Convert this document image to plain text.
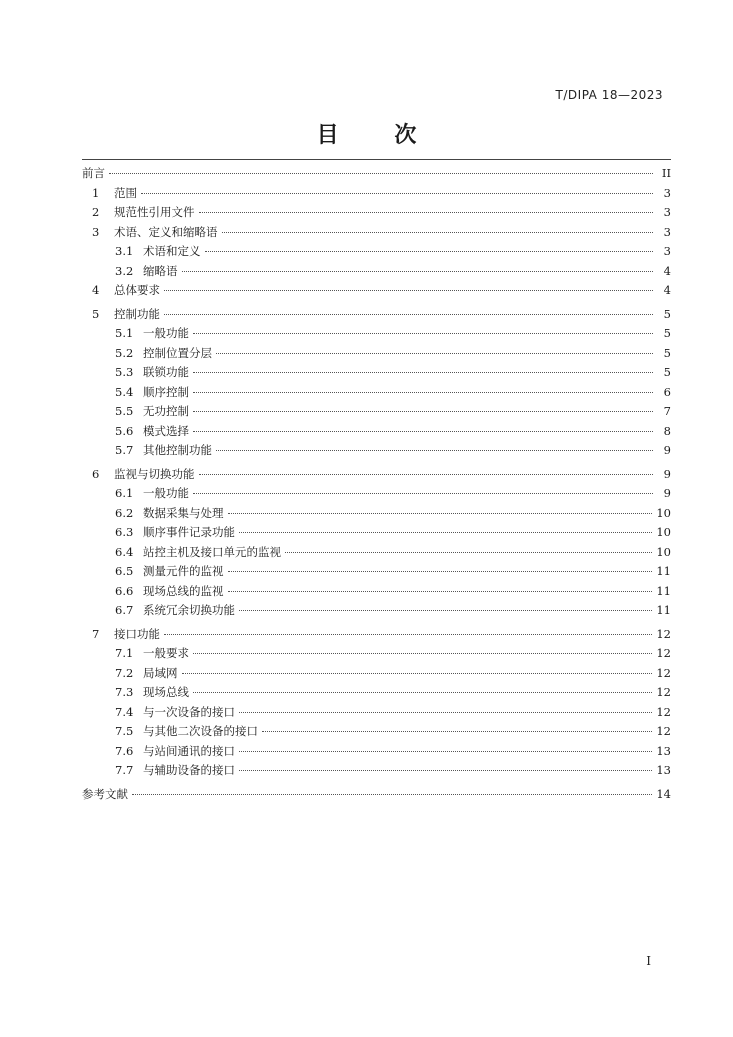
T/DIPA 18—2023
目 次
前言	II
1	范围	3
2	规范性引用文件	3
3	术语、定义和缩略语	3
3.1 术语和定义	3
3.2 缩略语	4
4	总体要求	4
5	控制功能	5
5.1 一般功能	5
5.2 控制位置分层	5
5.3 联锁功能	5
5.4 顺序控制	6
5.5 无功控制	7
5.6 模式选择	8
5.7 其他控制功能	9
6	监视与切换功能	9
6.1 一般功能	9
6.2 数据采集与处理	10
6.3 顺序事件记录功能	10
6.4 站控主机及接口单元的监视	10
6.5 测量元件的监视	11
6.6 现场总线的监视	11
6.7 系统冗余切换功能	11
7	接口功能	12
7.1 一般要求	12
7.2 局域网	12
7.3 现场总线	12
7.4 与一次设备的接口	12
7.5 与其他二次设备的接口	12
7.6 与站间通讯的接口	13
7.7 与辅助设备的接口	13
参考文献	14
I
